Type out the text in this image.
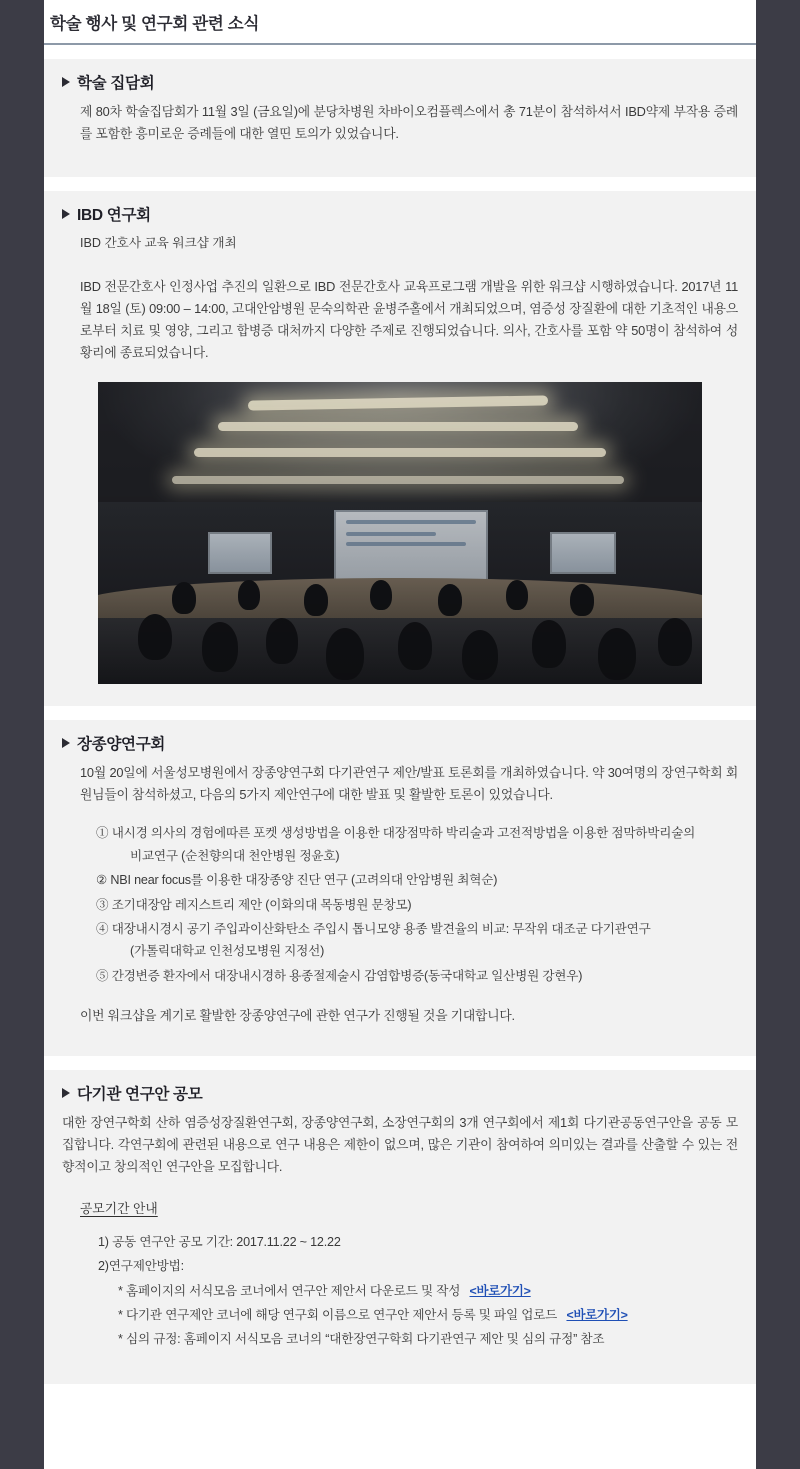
학술 행사 및 연구회 관련 소식
학술 집담회

제 80차 학술집담회가 11월 3일 (금요일)에 분당차병원 차바이오컴플렉스에서 총 71분이 참석하셔서 IBD약제 부작용 증례를 포함한 흥미로운 증례들에 대한 열띤 토의가 있었습니다.

IBD 연구회
IBD 간호사 교육 워크샵 개최

IBD 전문간호사 인정사업 추진의 일환으로 IBD 전문간호사 교육프로그램 개발을 위한 워크샵 시행하였습니다. 2017년 11월 18일 (토) 09:00 – 14:00, 고대안암병원 문숙의학관 윤병주홀에서 개최되었으며, 염증성 장질환에 대한 기초적인 내용으로부터 치료 및 영양, 그리고 합병증 대처까지 다양한 주제로 진행되었습니다. 의사, 간호사를 포함 약 50명이 참석하여 성황리에 종료되었습니다.

장종양연구회

10월 20일에 서울성모병원에서 장종양연구회 다기관연구 제안/발표 토론회를 개최하였습니다. 약 30여명의 장연구학회 회원님들이 참석하셨고, 다음의 5가지 제안연구에 대한 발표 및 활발한 토론이 있었습니다.

① 내시경 의사의 경험에따른 포켓 생성방법을 이용한 대장점막하 박리술과 고전적방법을 이용한 점막하박리술의
비교연구 (순천향의대 천안병원 정윤호)
② NBI near focus를 이용한 대장종양 진단 연구 (고려의대 안암병원 최혁순)
③ 조기대장암 레지스트리 제안 (이화의대 목동병원 문창모)
④ 대장내시경시 공기 주입과이산화탄소 주입시 톱니모양 용종 발견율의 비교: 무작위 대조군 다기관연구
(가톨릭대학교 인천성모병원 지정선)
⑤ 간경변증 환자에서 대장내시경하 용종절제술시 감염합병증(동국대학교 일산병원 강현우)
이번 워크샵을 계기로 활발한 장종양연구에 관한 연구가 진행될 것을 기대합니다.
다기관 연구안 공모

대한 장연구학회 산하 염증성장질환연구회, 장종양연구회, 소장연구회의 3개 연구회에서 제1회 다기관공동연구안을 공동 모집합니다. 각연구회에 관련된 내용으로 연구 내용은 제한이 없으며, 많은 기관이 참여하여 의미있는 결과를 산출할 수 있는 전향적이고 창의적인 연구안을 모집합니다.

공모기간 안내
1) 공동 연구안 공모 기간: 2017.11.22 ~ 12.22
2)연구제안방법:
* 홈페이지의 서식모음 코너에서 연구안 제안서 다운로드 및 작성 <바로가기>
* 다기관 연구제안 코너에 해당 연구회 이름으로 연구안 제안서 등록 및 파일 업로드 <바로가기>
* 심의 규정: 홈페이지 서식모음 코너의 “대한장연구학회 다기관연구 제안 및 심의 규정” 참조
